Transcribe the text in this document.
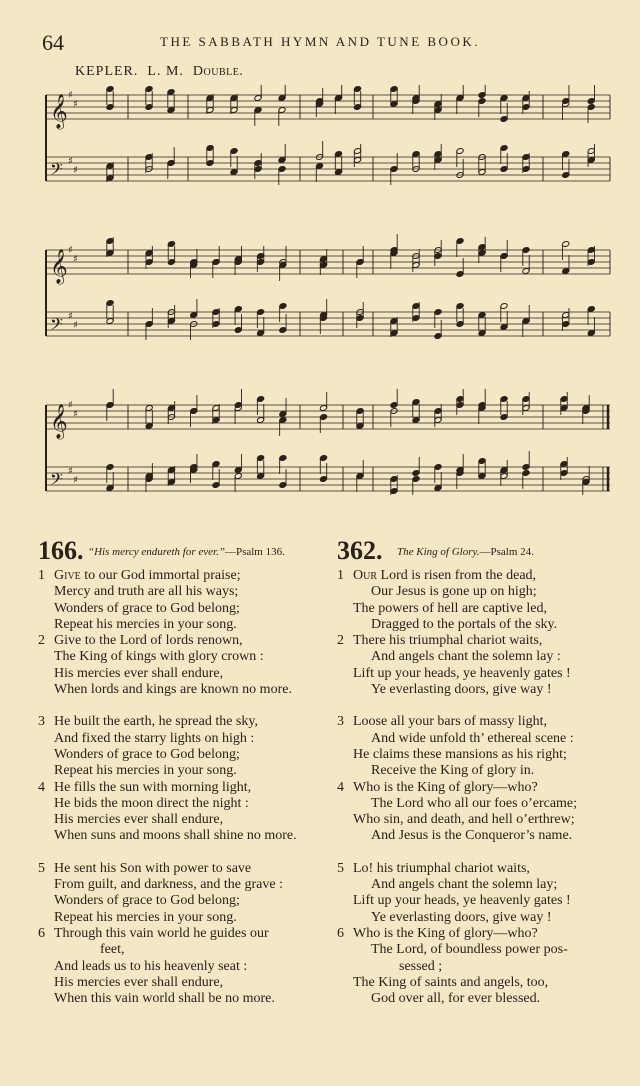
64	THE SABBATH HYMN AND TUNE BOOK.
KEPLER. L. M. Double.
𝄞 ♯
♯
𝄢 ♯
♯
𝄞 ♯
♯
𝄢 ♯
♯
𝄞 ♯
♯
𝄢 ♯
♯
166. “His mercy endureth for ever.”—Psalm 136.
1 Give to our God immortal praise;
Mercy and truth are all his ways;
Wonders of grace to God belong;
Repeat his mercies in your song.
2 Give to the Lord of lords renown,
The King of kings with glory crown :
His mercies ever shall endure,
When lords and kings are known no more.
3 He built the earth, he spread the sky,
And fixed the starry lights on high :
Wonders of grace to God belong;
Repeat his mercies in your song.
4 He fills the sun with morning light,
He bids the moon direct the night :
His mercies ever shall endure,
When suns and moons shall shine no more.
5 He sent his Son with power to save
From guilt, and darkness, and the grave :
Wonders of grace to God belong;
Repeat his mercies in your song.
6 Through this vain world he guides our
feet,
And leads us to his heavenly seat :
His mercies ever shall endure,
When this vain world shall be no more.
362. The King of Glory.—Psalm 24.
1 Our Lord is risen from the dead,
Our Jesus is gone up on high;
The powers of hell are captive led,
Dragged to the portals of the sky.
2 There his triumphal chariot waits,
And angels chant the solemn lay :
Lift up your heads, ye heavenly gates !
Ye everlasting doors, give way !
3 Loose all your bars of massy light,
And wide unfold th’ ethereal scene :
He claims these mansions as his right;
Receive the King of glory in.
4 Who is the King of glory—who?
The Lord who all our foes o’ercame;
Who sin, and death, and hell o’erthrew;
And Jesus is the Conqueror’s name.
5 Lo! his triumphal chariot waits,
And angels chant the solemn lay;
Lift up your heads, ye heavenly gates !
Ye everlasting doors, give way !
6 Who is the King of glory—who?
The Lord, of boundless power pos-
sessed ;
The King of saints and angels, too,
God over all, for ever blessed.
